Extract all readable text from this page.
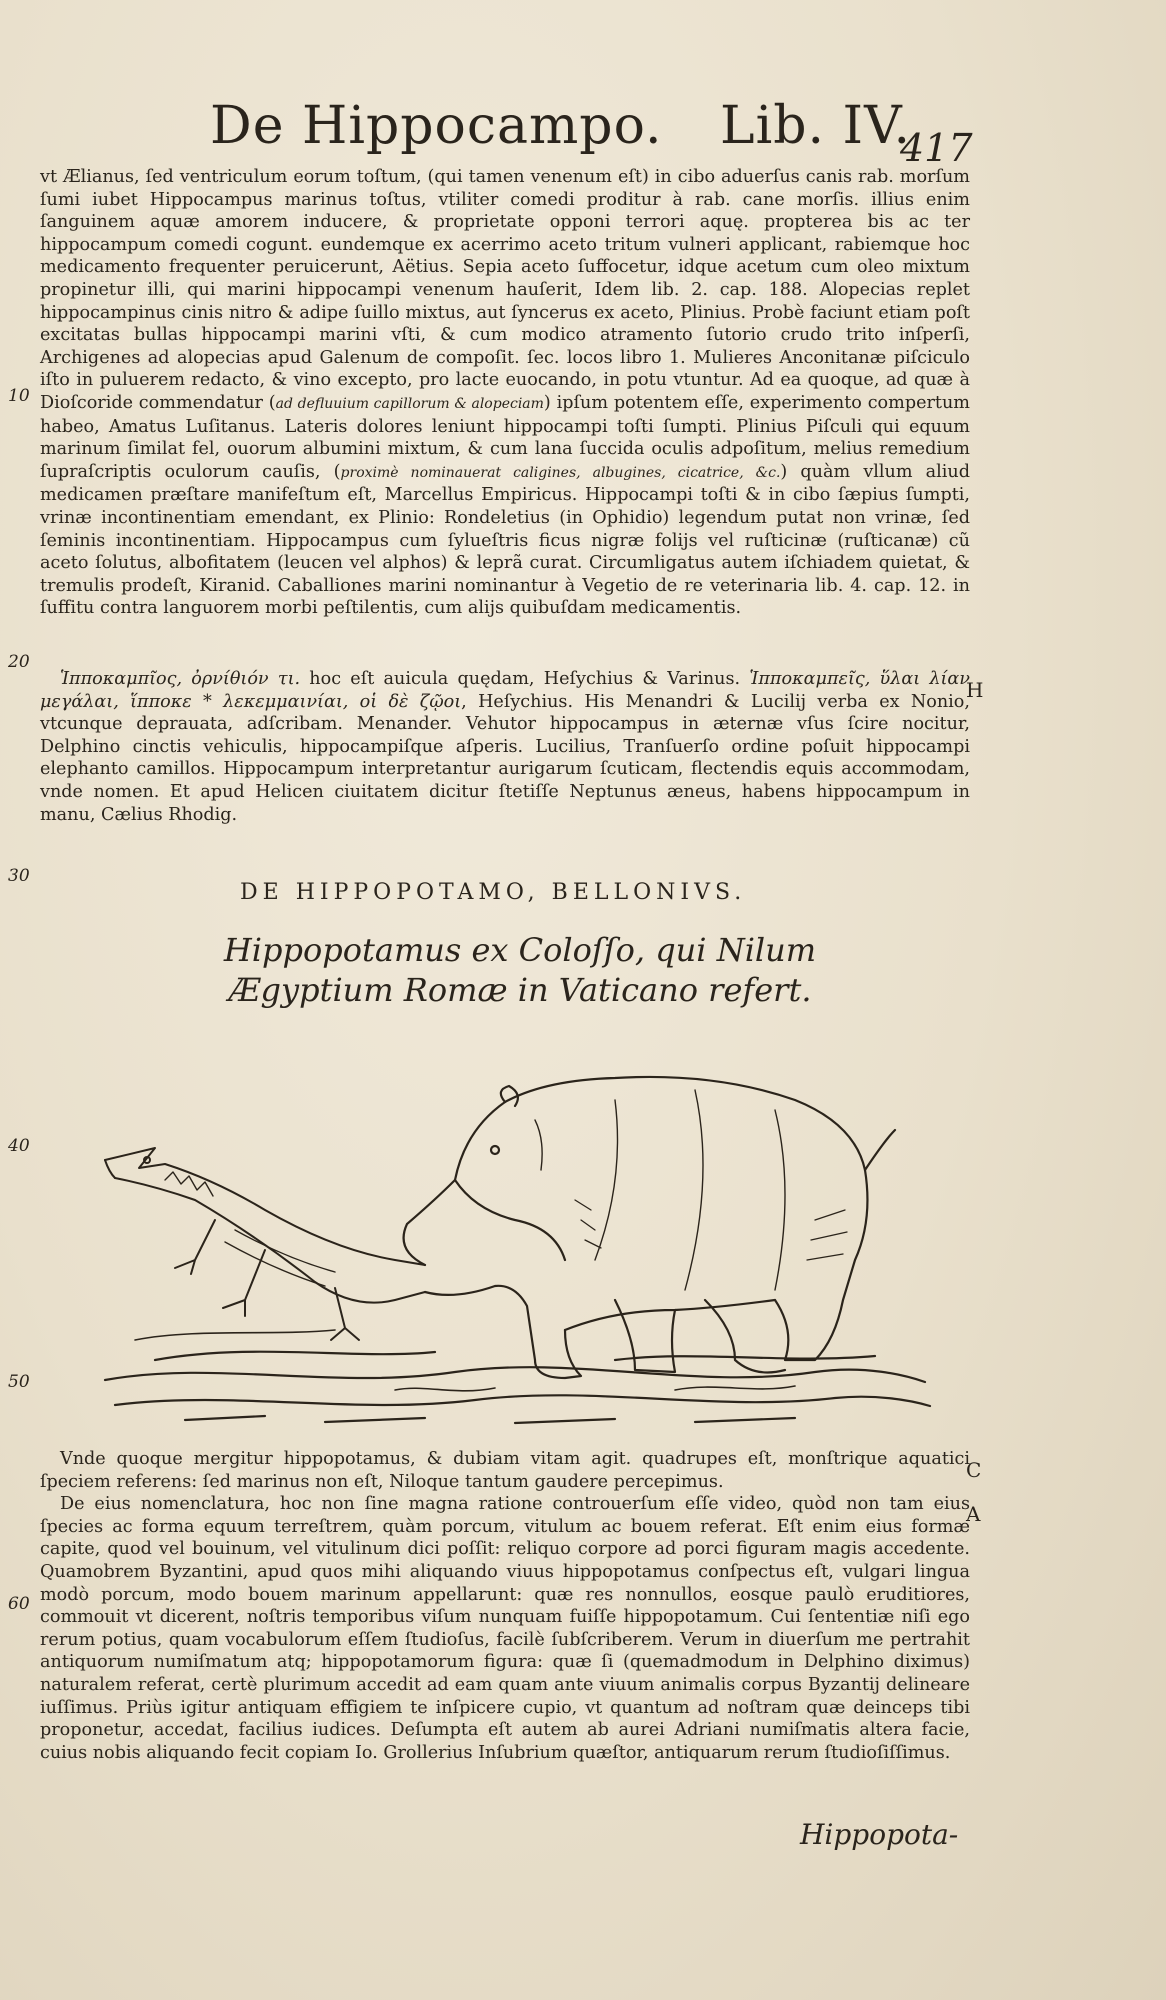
De Hippocampo. Lib. IV.
417
10
20
30
40
50
60
H
C
A

vt Ælianus, ſed ventriculum eorum toſtum, (qui tamen venenum eſt) in cibo aduerſus canis rab. morſum ſumi iubet Hippocampus marinus toſtus, vtiliter comedi proditur à rab. cane morſis. illius enim ſanguinem aquæ amorem inducere, & proprietate opponi terrori aquę. propterea bis ac ter hippocampum comedi cogunt. eundemque ex acerrimo aceto tritum vulneri applicant, rabiemque hoc medicamento frequenter peruicerunt, Aëtius. Sepia aceto ſuffocetur, idque acetum cum oleo mixtum propinetur illi, qui marini hippocampi venenum hauſerit, Idem lib. 2. cap. 188. Alopecias replet hippocampinus cinis nitro & adipe ſuillo mixtus, aut ſyncerus ex aceto, Plinius. Probè faciunt etiam poſt excitatas bullas hippocampi marini vſti, & cum modico atramento ſutorio crudo trito inſperſi, Archigenes ad alopecias apud Galenum de compoſit. ſec. locos libro 1. Mulieres Anconitanæ piſciculo iſto in puluerem redacto, & vino excepto, pro lacte euocando, in potu vtuntur. Ad ea quoque, ad quæ à Dioſcoride commendatur (ad defluuium capillorum & alopeciam) ipſum potentem eſſe, experimento compertum habeo, Amatus Luſitanus. Lateris dolores leniunt hippocampi toſti ſumpti. Plinius Piſculi qui equum marinum ſimilat fel, ouorum albumini mixtum, & cum lana ſuccida oculis adpoſitum, melius remedium ſupraſcriptis oculorum cauſis, (proximè nominauerat caligines, albugines, cicatrice, &c.) quàm vllum aliud medicamen præſtare manifeſtum eſt, Marcellus Empiricus. Hippocampi toſti & in cibo ſæpius ſumpti, vrinæ incontinentiam emendant, ex Plinio: Rondeletius (in Ophidio) legendum putat non vrinæ, ſed ſeminis incontinentiam. Hippocampus cum ſylueſtris ficus nigræ folijs vel ruſticinæ (ruſticanæ) cũ aceto ſolutus, albofitatem (leucen vel alphos) & leprã curat. Circumligatus autem iſchiadem quietat, & tremulis prodeſt, Kiranid. Caballiones marini nominantur à Vegetio de re veterinaria lib. 4. cap. 12. in ſuffitu contra languorem morbi peſtilentis, cum alijs quibuſdam medicamentis.

Ἱπποκαμπῖος, ὀρνίθιόν τι. hoc eſt auicula quędam, Heſychius & Varinus. Ἱπποκαμπεῖς, ὕλαι λίαν μεγάλαι, ἵπποκε * λεκεμμαινίαι, οἱ δὲ ζῷοι, Heſychius. His Menandri & Lucilij verba ex Nonio, vtcunque deprauata, adſcribam. Menander. Vehutor hippocampus in æternæ vſus ſcire nocitur, Delphino cinctis vehiculis, hippocampiſque aſperis. Lucilius, Tranſuerſo ordine poſuit hippocampi elephanto camillos. Hippocampum interpretantur aurigarum ſcuticam, flectendis equis accommodam, vnde nomen. Et apud Helicen ciuitatem dicitur ſtetiſſe Neptunus æneus, habens hippocampum in manu, Cælius Rhodig.

DE HIPPOPOTAMO, BELLONIVS.
Hippopotamus ex Coloſſo, qui Nilum Ægyptium Romæ in Vaticano refert.

Vnde quoque mergitur hippopotamus, & dubiam vitam agit. quadrupes eſt, monſtrique aquatici ſpeciem referens: ſed marinus non eſt, Niloque tantum gaudere percepimus.

De eius nomenclatura, hoc non ſine magna ratione controuerſum eſſe video, quòd non tam eius ſpecies ac forma equum terreſtrem, quàm porcum, vitulum ac bouem referat. Eſt enim eius formæ capite, quod vel bouinum, vel vitulinum dici poſſit: reliquo corpore ad porci figuram magis accedente. Quamobrem Byzantini, apud quos mihi aliquando viuus hippopotamus conſpectus eſt, vulgari lingua modò porcum, modo bouem marinum appellarunt: quæ res nonnullos, eosque paulò eruditiores, commouit vt dicerent, noſtris temporibus viſum nunquam fuiſſe hippopotamum. Cui ſententiæ niſi ego rerum potius, quam vocabulorum eſſem ſtudioſus, facilè ſubſcriberem. Verum in diuerſum me pertrahit antiquorum numiſmatum atq; hippopotamorum figura: quæ ſi (quemadmodum in Delphino diximus) naturalem referat, certè plurimum accedit ad eam quam ante viuum animalis corpus Byzantij delineare iuſſimus. Priùs igitur antiquam effigiem te inſpicere cupio, vt quantum ad noſtram quæ deinceps tibi proponetur, accedat, facilius iudices. Deſumpta eſt autem ab aurei Adriani numiſmatis altera facie, cuius nobis aliquando fecit copiam Io. Grollerius Inſubrium quæſtor, antiquarum rerum ſtudioſiſſimus.

Hippopota-
